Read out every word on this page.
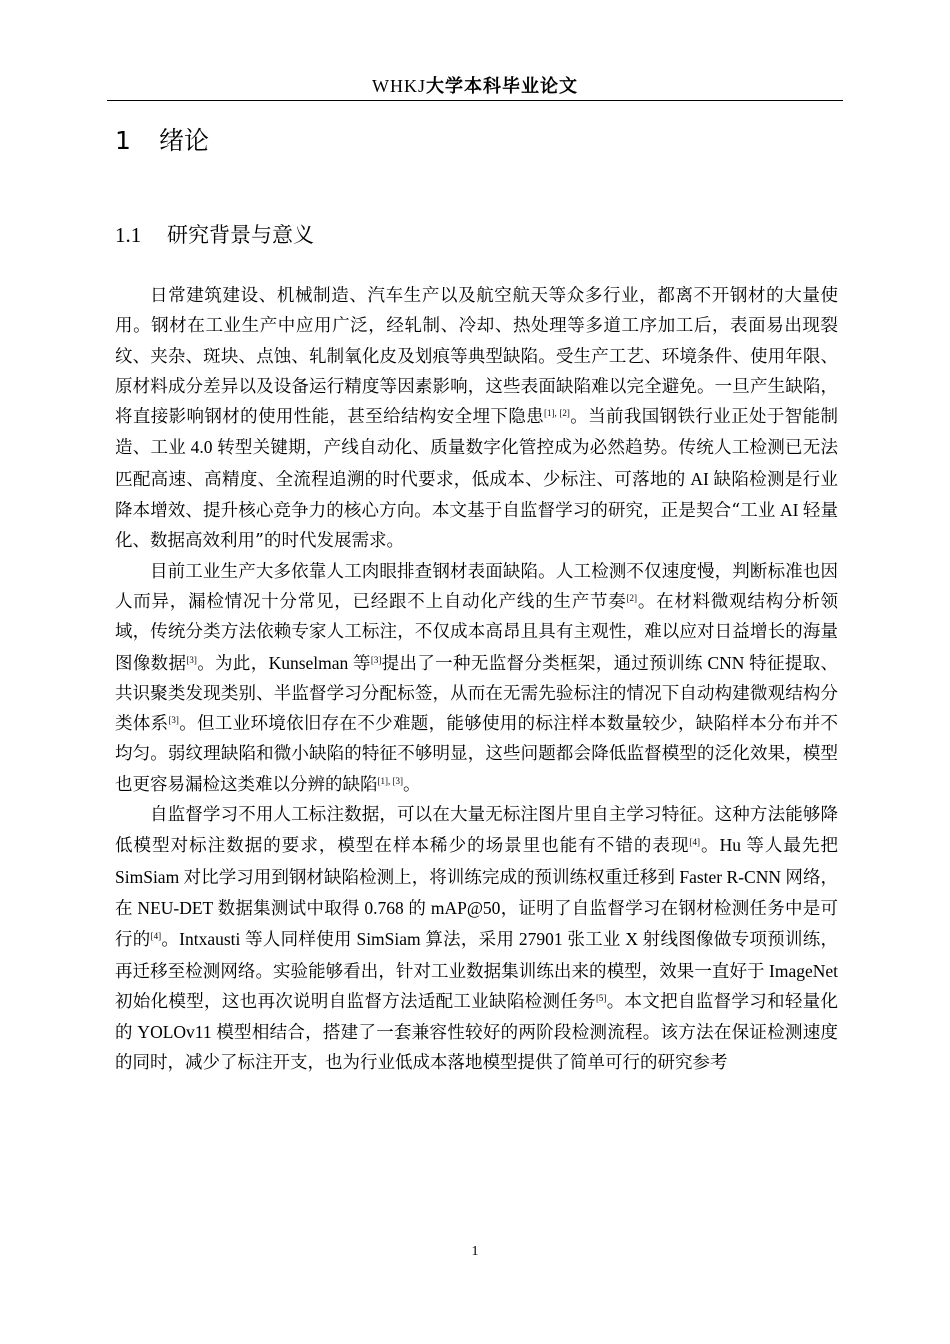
WHKJ大学本科毕业论文
1 绪论
1.1 研究背景与意义

日常建筑建设、机械制造、汽车生产以及航空航天等众多行业，都离不开钢材的大量使用。钢材在工业生产中应用广泛，经轧制、冷却、热处理等多道工序加工后，表面易出现裂纹、夹杂、斑块、点蚀、轧制氧化皮及划痕等典型缺陷。受生产工艺、环境条件、使用年限、原材料成分差异以及设备运行精度等因素影响，这些表面缺陷难以完全避免。一旦产生缺陷，将直接影响钢材的使用性能，甚至给结构安全埋下隐患[1], [2]。当前我国钢铁行业正处于智能制造、工业 4.0 转型关键期，产线自动化、质量数字化管控成为必然趋势。传统人工检测已无法匹配高速、高精度、全流程追溯的时代要求，低成本、少标注、可落地的 AI 缺陷检测是行业降本增效、提升核心竞争力的核心方向。本文基于自监督学习的研究，正是契合“工业 AI 轻量化、数据高效利用”的时代发展需求。

目前工业生产大多依靠人工肉眼排查钢材表面缺陷。人工检测不仅速度慢，判断标准也因人而异，漏检情况十分常见，已经跟不上自动化产线的生产节奏[2]。在材料微观结构分析领域，传统分类方法依赖专家人工标注，不仅成本高昂且具有主观性，难以应对日益增长的海量图像数据[3]。为此，Kunselman 等[3]提出了一种无监督分类框架，通过预训练 CNN 特征提取、共识聚类发现类别、半监督学习分配标签，从而在无需先验标注的情况下自动构建微观结构分类体系[3]。但工业环境依旧存在不少难题，能够使用的标注样本数量较少，缺陷样本分布并不均匀。弱纹理缺陷和微小缺陷的特征不够明显，这些问题都会降低监督模型的泛化效果，模型也更容易漏检这类难以分辨的缺陷[1], [3]。

自监督学习不用人工标注数据，可以在大量无标注图片里自主学习特征。这种方法能够降低模型对标注数据的要求，模型在样本稀少的场景里也能有不错的表现[4]。Hu 等人最先把 SimSiam 对比学习用到钢材缺陷检测上，将训练完成的预训练权重迁移到 Faster R-CNN 网络，在 NEU-DET 数据集测试中取得 0.768 的 mAP@50，证明了自监督学习在钢材检测任务中是可行的[4]。Intxausti 等人同样使用 SimSiam 算法，采用 27901 张工业 X 射线图像做专项预训练，再迁移至检测网络。实验能够看出，针对工业数据集训练出来的模型，效果一直好于 ImageNet 初始化模型，这也再次说明自监督方法适配工业缺陷检测任务[5]。本文把自监督学习和轻量化的 YOLOv11 模型相结合，搭建了一套兼容性较好的两阶段检测流程。该方法在保证检测速度的同时，减少了标注开支，也为行业低成本落地模型提供了简单可行的研究参考

1
